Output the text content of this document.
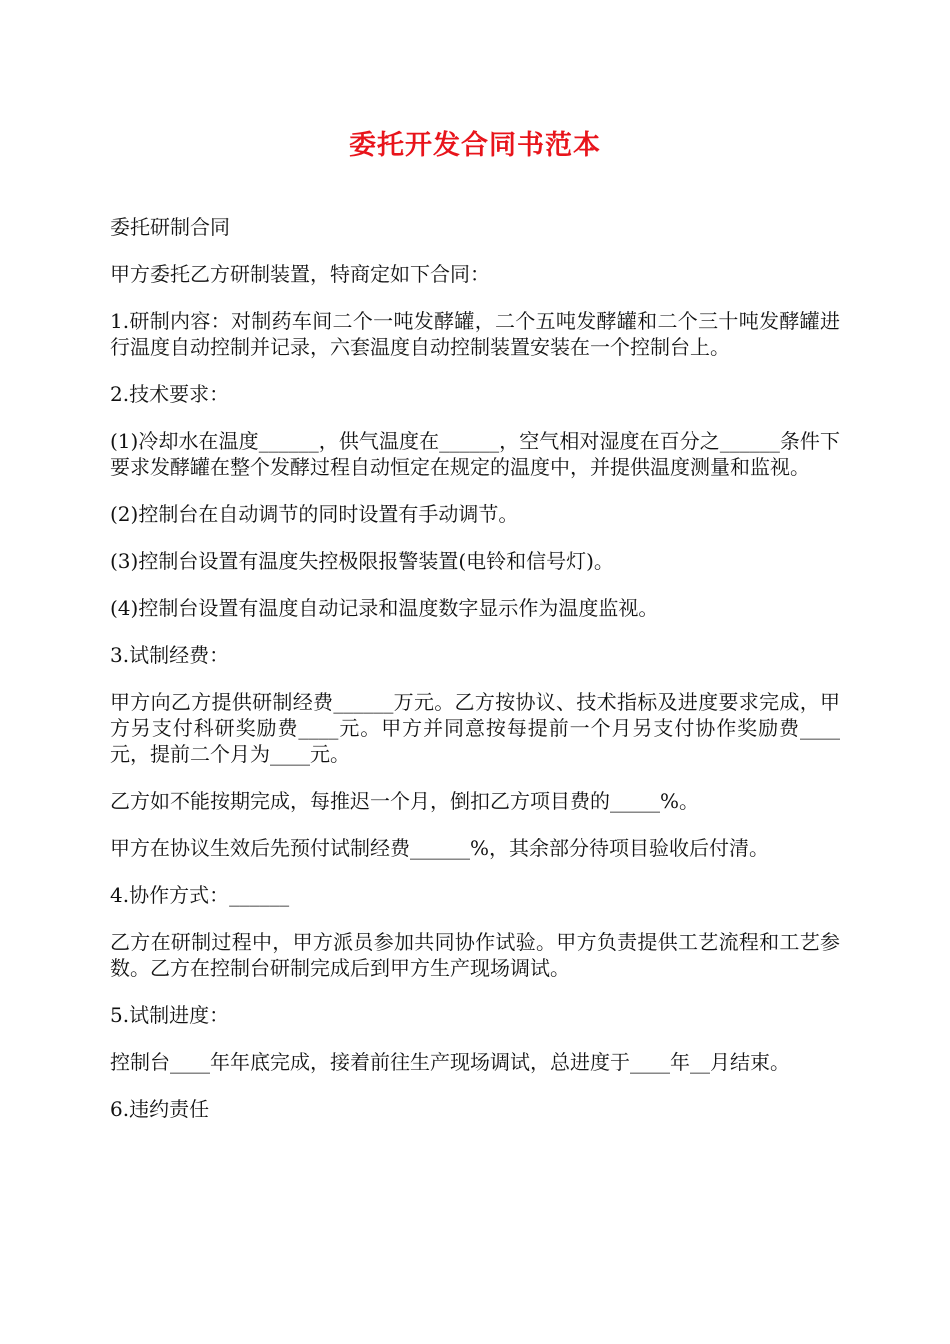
委托开发合同书范本

委托研制合同

甲方委托乙方研制装置，特商定如下合同：

1.研制内容：对制药车间二个一吨发酵罐，二个五吨发酵罐和二个三十吨发酵罐进行温度自动控制并记录，六套温度自动控制装置安装在一个控制台上。

2.技术要求：

(1)冷却水在温度______，供气温度在______，空气相对湿度在百分之______条件下要求发酵罐在整个发酵过程自动恒定在规定的温度中，并提供温度测量和监视。

(2)控制台在自动调节的同时设置有手动调节。

(3)控制台设置有温度失控极限报警装置(电铃和信号灯)。

(4)控制台设置有温度自动记录和温度数字显示作为温度监视。

3.试制经费：

甲方向乙方提供研制经费______万元。乙方按协议、技术指标及进度要求完成，甲方另支付科研奖励费____元。甲方并同意按每提前一个月另支付协作奖励费____元，提前二个月为____元。

乙方如不能按期完成，每推迟一个月，倒扣乙方项目费的_____%。

甲方在协议生效后先预付试制经费______%，其余部分待项目验收后付清。

4.协作方式：______

乙方在研制过程中，甲方派员参加共同协作试验。甲方负责提供工艺流程和工艺参数。乙方在控制台研制完成后到甲方生产现场调试。

5.试制进度：

控制台____年年底完成，接着前往生产现场调试，总进度于____年__月结束。

6.违约责任
